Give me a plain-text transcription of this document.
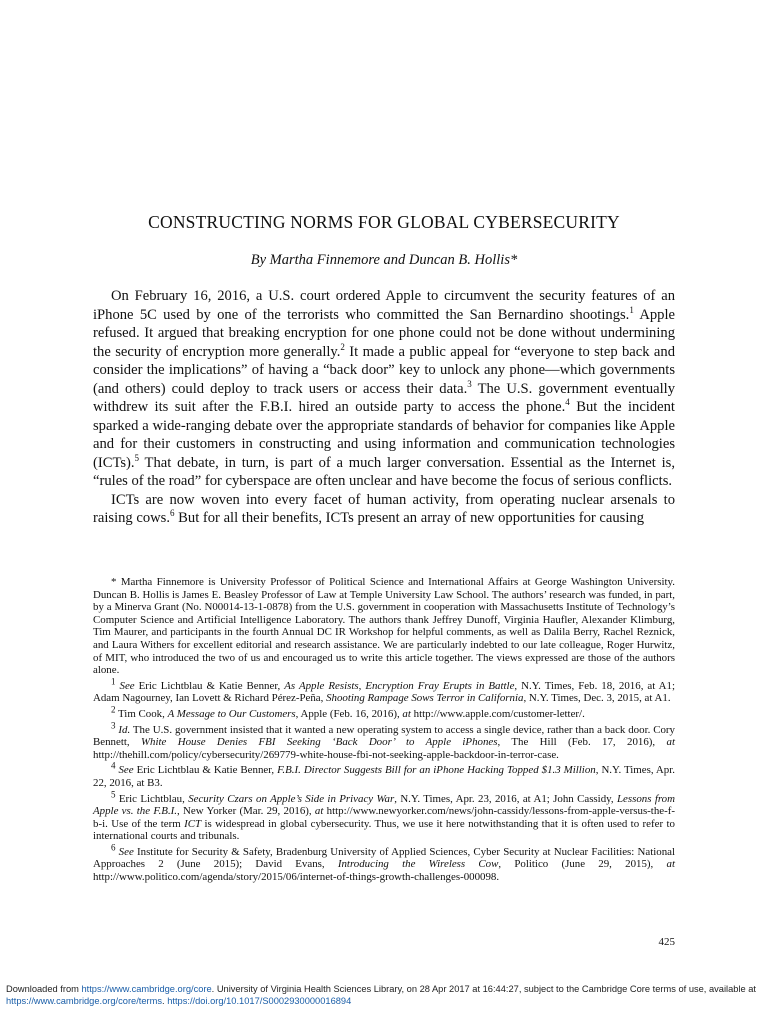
CONSTRUCTING NORMS FOR GLOBAL CYBERSECURITY
By Martha Finnemore and Duncan B. Hollis*

On February 16, 2016, a U.S. court ordered Apple to circumvent the security features of an iPhone 5C used by one of the terrorists who committed the San Bernardino shootings.$^1$ Apple refused. It argued that breaking encryption for one phone could not be done without undermining the security of encryption more generally.$^2$ It made a public appeal for “everyone to step back and consider the implications” of having a “back door” key to unlock any phone—which governments (and others) could deploy to track users or access their data.$^3$ The U.S. government eventually withdrew its suit after the F.B.I. hired an outside party to access the phone.$^4$ But the incident sparked a wide-ranging debate over the appropriate standards of behavior for companies like Apple and for their customers in constructing and using information and communication technologies (ICTs).$^5$ That debate, in turn, is part of a much larger conversation. Essential as the Internet is, “rules of the road” for cyberspace are often unclear and have become the focus of serious conflicts.

ICTs are now woven into every facet of human activity, from operating nuclear arsenals to raising cows.$^6$ But for all their benefits, ICTs present an array of new opportunities for causing

* Martha Finnemore is University Professor of Political Science and International Affairs at George Washington University. Duncan B. Hollis is James E. Beasley Professor of Law at Temple University Law School. The authors’ research was funded, in part, by a Minerva Grant (No. N00014-13-1-0878) from the U.S. government in cooperation with Massachusetts Institute of Technology’s Computer Science and Artificial Intelligence Laboratory. The authors thank Jeffrey Dunoff, Virginia Haufler, Alexander Klimburg, Tim Maurer, and participants in the fourth Annual DC IR Workshop for helpful comments, as well as Dalila Berry, Rachel Reznick, and Laura Withers for excellent editorial and research assistance. We are particularly indebted to our late colleague, Roger Hurwitz, of MIT, who introduced the two of us and encouraged us to write this article together. The views expressed are those of the authors alone.

$^1$ See Eric Lichtblau & Katie Benner, As Apple Resists, Encryption Fray Erupts in Battle, N.Y. Times, Feb. 18, 2016, at A1; Adam Nagourney, Ian Lovett & Richard Pérez-Peña, Shooting Rampage Sows Terror in California, N.Y. Times, Dec. 3, 2015, at A1.

$^2$ Tim Cook, A Message to Our Customers, Apple (Feb. 16, 2016), at http://www.apple.com/customer-letter/.

$^3$ Id. The U.S. government insisted that it wanted a new operating system to access a single device, rather than a back door. Cory Bennett, White House Denies FBI Seeking ‘Back Door’ to Apple iPhones, The Hill (Feb. 17, 2016), at http://thehill.com/policy/cybersecurity/269779-white-house-fbi-not-seeking-apple-backdoor-in-terror-case.

$^4$ See Eric Lichtblau & Katie Benner, F.B.I. Director Suggests Bill for an iPhone Hacking Topped $1.3 Million, N.Y. Times, Apr. 22, 2016, at B3.

$^5$ Eric Lichtblau, Security Czars on Apple’s Side in Privacy War, N.Y. Times, Apr. 23, 2016, at A1; John Cassidy, Lessons from Apple vs. the F.B.I., New Yorker (Mar. 29, 2016), at http://www.newyorker.com/news/john-cassidy/lessons-from-apple-versus-the-f-b-i. Use of the term ICT is widespread in global cybersecurity. Thus, we use it here notwithstanding that it is often used to refer to international courts and tribunals.

$^6$ See Institute for Security & Safety, Bradenburg University of Applied Sciences, Cyber Security at Nuclear Facilities: National Approaches 2 (June 2015); David Evans, Introducing the Wireless Cow, Politico (June 29, 2015), at http://www.politico.com/agenda/story/2015/06/internet-of-things-growth-challenges-000098.

425
Downloaded from https://www.cambridge.org/core. University of Virginia Health Sciences Library, on 28 Apr 2017 at 16:44:27, subject to the Cambridge Core terms of use, available at https://www.cambridge.org/core/terms. https://doi.org/10.1017/S0002930000016894
